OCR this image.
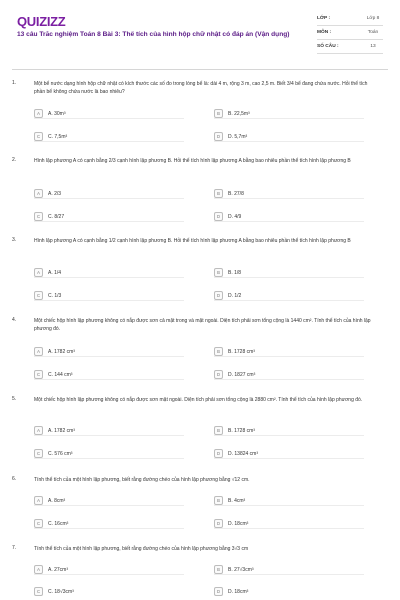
QUIZIZZ
13 câu Trắc nghiệm Toán 8 Bài 3: Thể tích của hình hộp chữ nhật có đáp án (Vận dụng)
LỚP :	Lớp 8
MÔN :	Toán
SỐ CÂU :	13
1.	Một bể nước dạng hình hộp chữ nhật có kích thước các số đo trong lòng bể là: dài 4 m, rộng 3 m, cao 2,5 m. Biết 3/4 bể đang chứa nước. Hỏi thể tích phần bể không chứa nước là bao nhiêu?
A	A. 30m³	B	B. 22,5m³
C	C. 7,5m³	D	D. 5,7m³
2.	Hình lập phương A có cạnh bằng 2/3 cạnh hình lập phương B. Hỏi thể tích hình lập phương A bằng bao nhiêu phần thể tích hình lập phương B
A	A. 2/3	B	B. 27/8
C	C. 8/27	D	D. 4/9
3.	Hình lập phương A có cạnh bằng 1/2 cạnh hình lập phương B. Hỏi thể tích hình lập phương A bằng bao nhiêu phần thể tích hình lập phương B
A	A. 1/4	B	B. 1/8
C	C. 1/3	D	D. 1/2
4.	Một chiếc hộp hình lập phương không có nắp được sơn cả mặt trong và mặt ngoài. Diện tích phải sơn tổng cộng là 1440 cm². Tính thể tích của hình lập phương đó.
A	A. 1782 cm³	B	B. 1728 cm³
C	C. 144 cm³	D	D. 1827 cm³
5.	Một chiếc hộp hình lập phương không có nắp được sơn mặt ngoài. Diện tích phải sơn tổng cộng là 2880 cm². Tính thể tích của hình lập phương đó.
A	A. 1782 cm³	B	B. 1728 cm³
C	C. 576 cm³	D	D. 13824 cm³
6.	Tính thể tích của một hình lập phương, biết rằng đường chéo của hình lập phương bằng √12 cm.
A	A. 8cm³	B	B. 4cm³
C	C. 16cm³	D	D. 18cm³
7.	Tính thể tích của một hình lập phương, biết rằng đường chéo của hình lập phương bằng 3√3 cm
A	A. 27cm³	B	B. 27√3cm³
C	C. 18√3cm³	D	D. 18cm³
